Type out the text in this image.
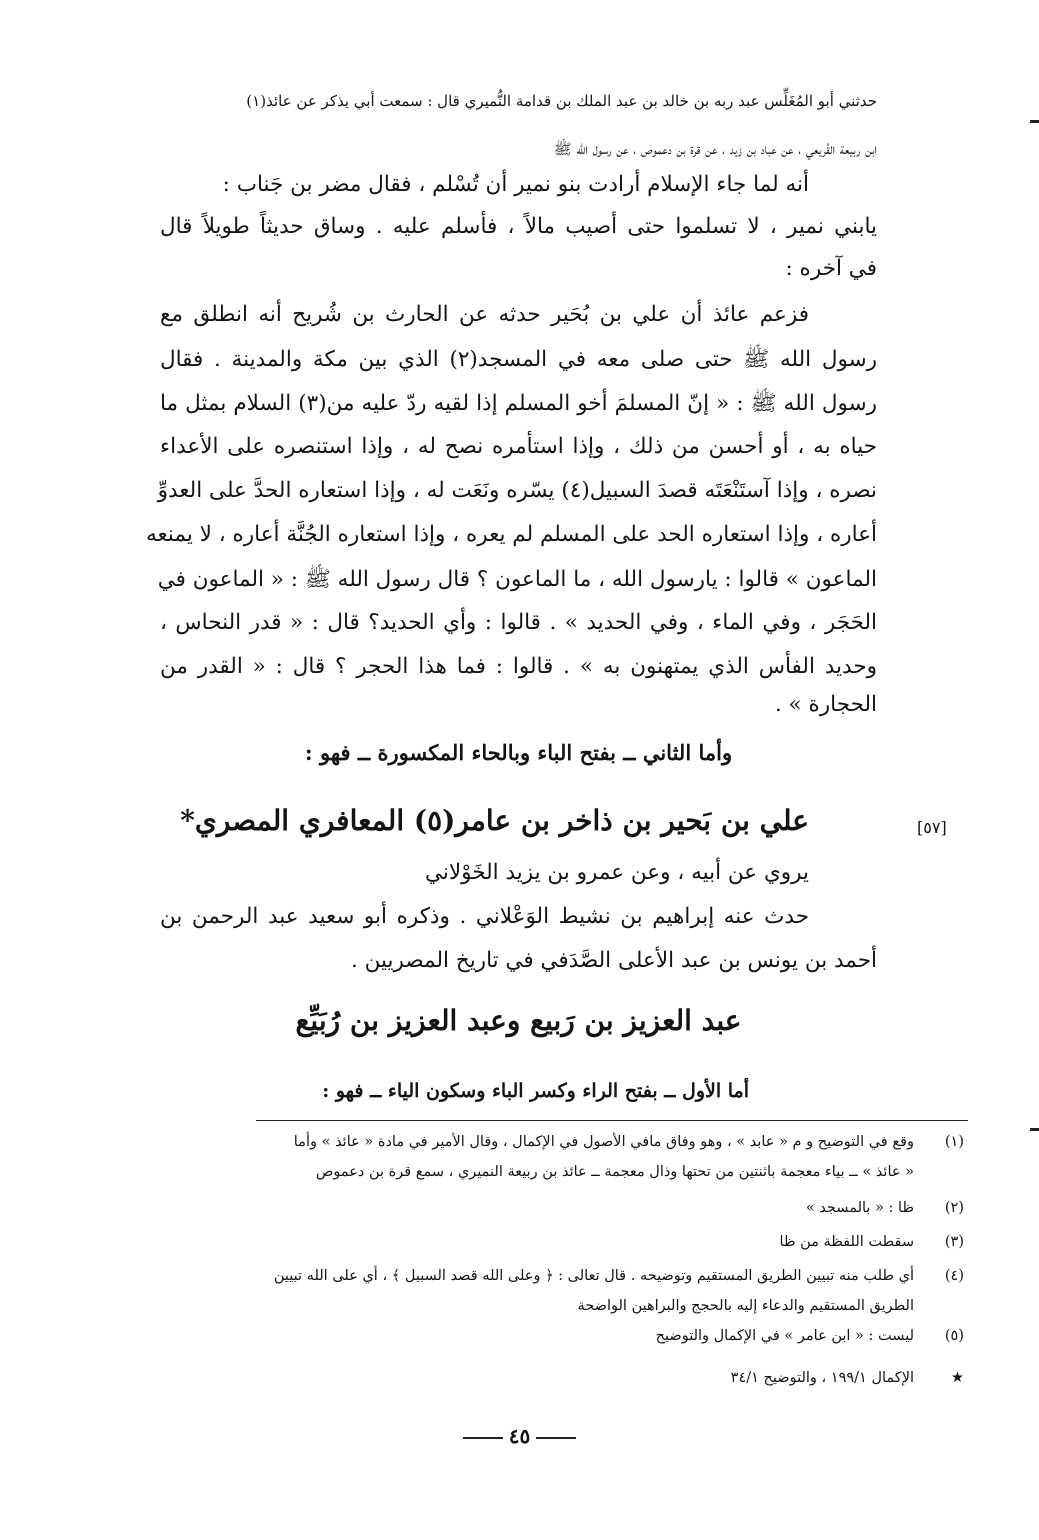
حدثني أبو المُغَلِّس عبد ربه بن خالد بن عبد الملك بن قدامة النُّميري قال : سمعت أبي يذكر عن عائذ(١)
ابن ربيعة القُريعي ، عن عباد بن زيد ، عن قرة بن دعموص ، عن رسول الله ﷺ
أنه لما جاء الإسلام أرادت بنو نمير أن تُسْلم ، فقال مضر بن جَناب :
يابني نمير ، لا تسلموا حتى أصيب مالاً ، فأسلم عليه . وساق حديثاً طويلاً قال
في آخره :
فزعم عائذ أن علي بن بُحَير حدثه عن الحارث بن شُريح أنه انطلق مع
رسول الله ﷺ حتى صلى معه في المسجد(٢) الذي بين مكة والمدينة . فقال
رسول الله ﷺ : « إنّ المسلمَ أخو المسلم إذا لقيه ردّ عليه من(٣) السلام بمثل ما
حياه به ، أو أحسن من ذلك ، وإذا استأمره نصح له ، وإذا استنصره على الأعداء
نصره ، وإذا آستَنْعَتَه قصدَ السبيل(٤) يسّره ونَعَت له ، وإذا استعاره الحدَّ على العدوِّ
أعاره ، وإذا استعاره الحد على المسلم لم يعره ، وإذا استعاره الجُنَّة أعاره ، لا يمنعه
الماعون » قالوا : يارسول الله ، ما الماعون ؟ قال رسول الله ﷺ : « الماعون في
الحَجَر ، وفي الماء ، وفي الحديد » . قالوا : وأي الحديد؟ قال : « قدر النحاس ،
وحديد الفأس الذي يمتهنون به » . قالوا : فما هذا الحجر ؟ قال : « القدر من
الحجارة » .
وأما الثاني ــ بفتح الباء وبالحاء المكسورة ــ فهو :
[٥٧]
علي بن بَحير بن ذاخر بن عامر(٥) المعافري المصري*
يروي عن أبيه ، وعن عمرو بن يزيد الخَوْلاني
حدث عنه إبراهيم بن نشيط الوَعْلاني . وذكره أبو سعيد عبد الرحمن بن
أحمد بن يونس بن عبد الأعلى الصَّدَفي في تاريخ المصريين .
عبد العزيز بن رَبيع وعبد العزيز بن رُبَيِّع
أما الأول ــ بفتح الراء وكسر الباء وسكون الياء ــ فهو :
(١)
وقع في التوضيح و م « عابد » ، وهو وفاق مافي الأصول في الإكمال ، وقال الأمير في مادة « عائذ » وأما
« عائذ » ــ بياء معجمة باثنتين من تحتها وذال معجمة ــ عائذ بن ربيعة النميري ، سمع قرة بن دعموص
(٢)
ظا : « بالمسجد »
(٣)
سقطت اللفظة من ظا
(٤)
أي طلب منه تبيين الطريق المستقيم وتوضيحه . قال تعالى : ﴿ وعلى الله قصد السبيل ﴾ ، أي على الله تبيين
الطريق المستقيم والدعاء إليه بالحجج والبراهين الواضحة
(٥)
ليست : « ابن عامر » في الإكمال والتوضيح
★
الإكمال ١٩٩/١ ، والتوضيح ٣٤/١
٤٥
